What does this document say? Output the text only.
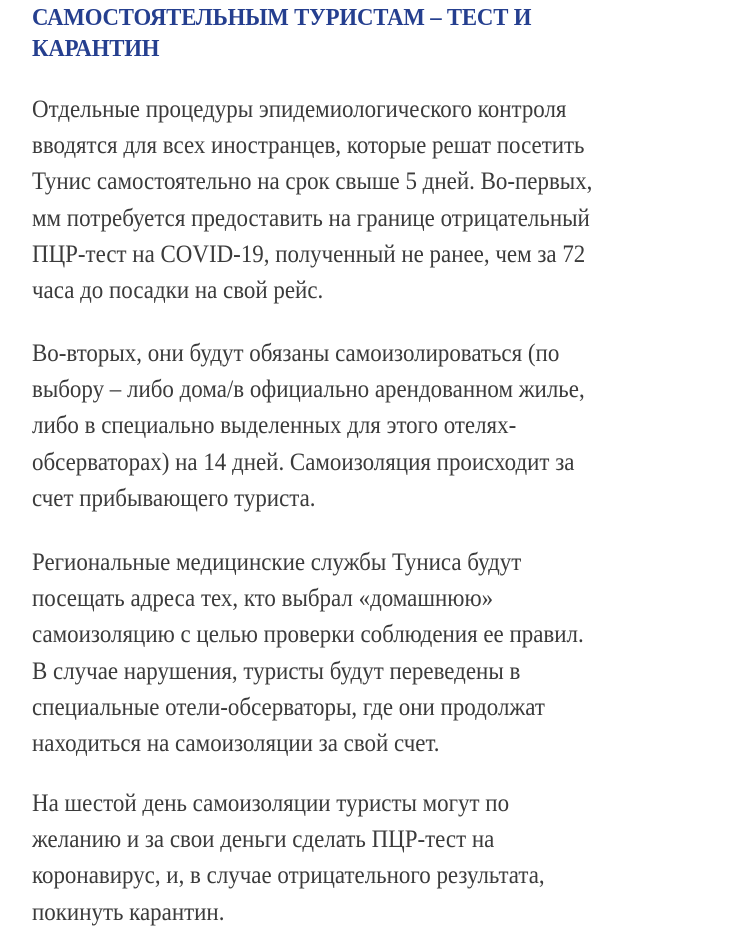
САМОСТОЯТЕЛЬНЫМ ТУРИСТАМ – ТЕСТ И
КАРАНТИН

Отдельные процедуры эпидемиологического контроля
вводятся для всех иностранцев, которые решат посетить
Тунис самостоятельно на срок свыше 5 дней. Во-первых,
мм потребуется предоставить на границе отрицательный
ПЦР-тест на COVID-19, полученный не ранее, чем за 72
часа до посадки на свой рейс.

Во-вторых, они будут обязаны самоизолироваться (по
выбору – либо дома/в официально арендованном жилье,
либо в специально выделенных для этого отелях-
обсерваторах) на 14 дней. Самоизоляция происходит за
счет прибывающего туриста.

Региональные медицинские службы Туниса будут
посещать адреса тех, кто выбрал «домашнюю»
самоизоляцию с целью проверки соблюдения ее правил.
В случае нарушения, туристы будут переведены в
специальные отели-обсерваторы, где они продолжат
находиться на самоизоляции за свой счет.

На шестой день самоизоляции туристы могут по
желанию и за свои деньги сделать ПЦР-тест на
коронавирус, и, в случае отрицательного результата,
покинуть карантин.
